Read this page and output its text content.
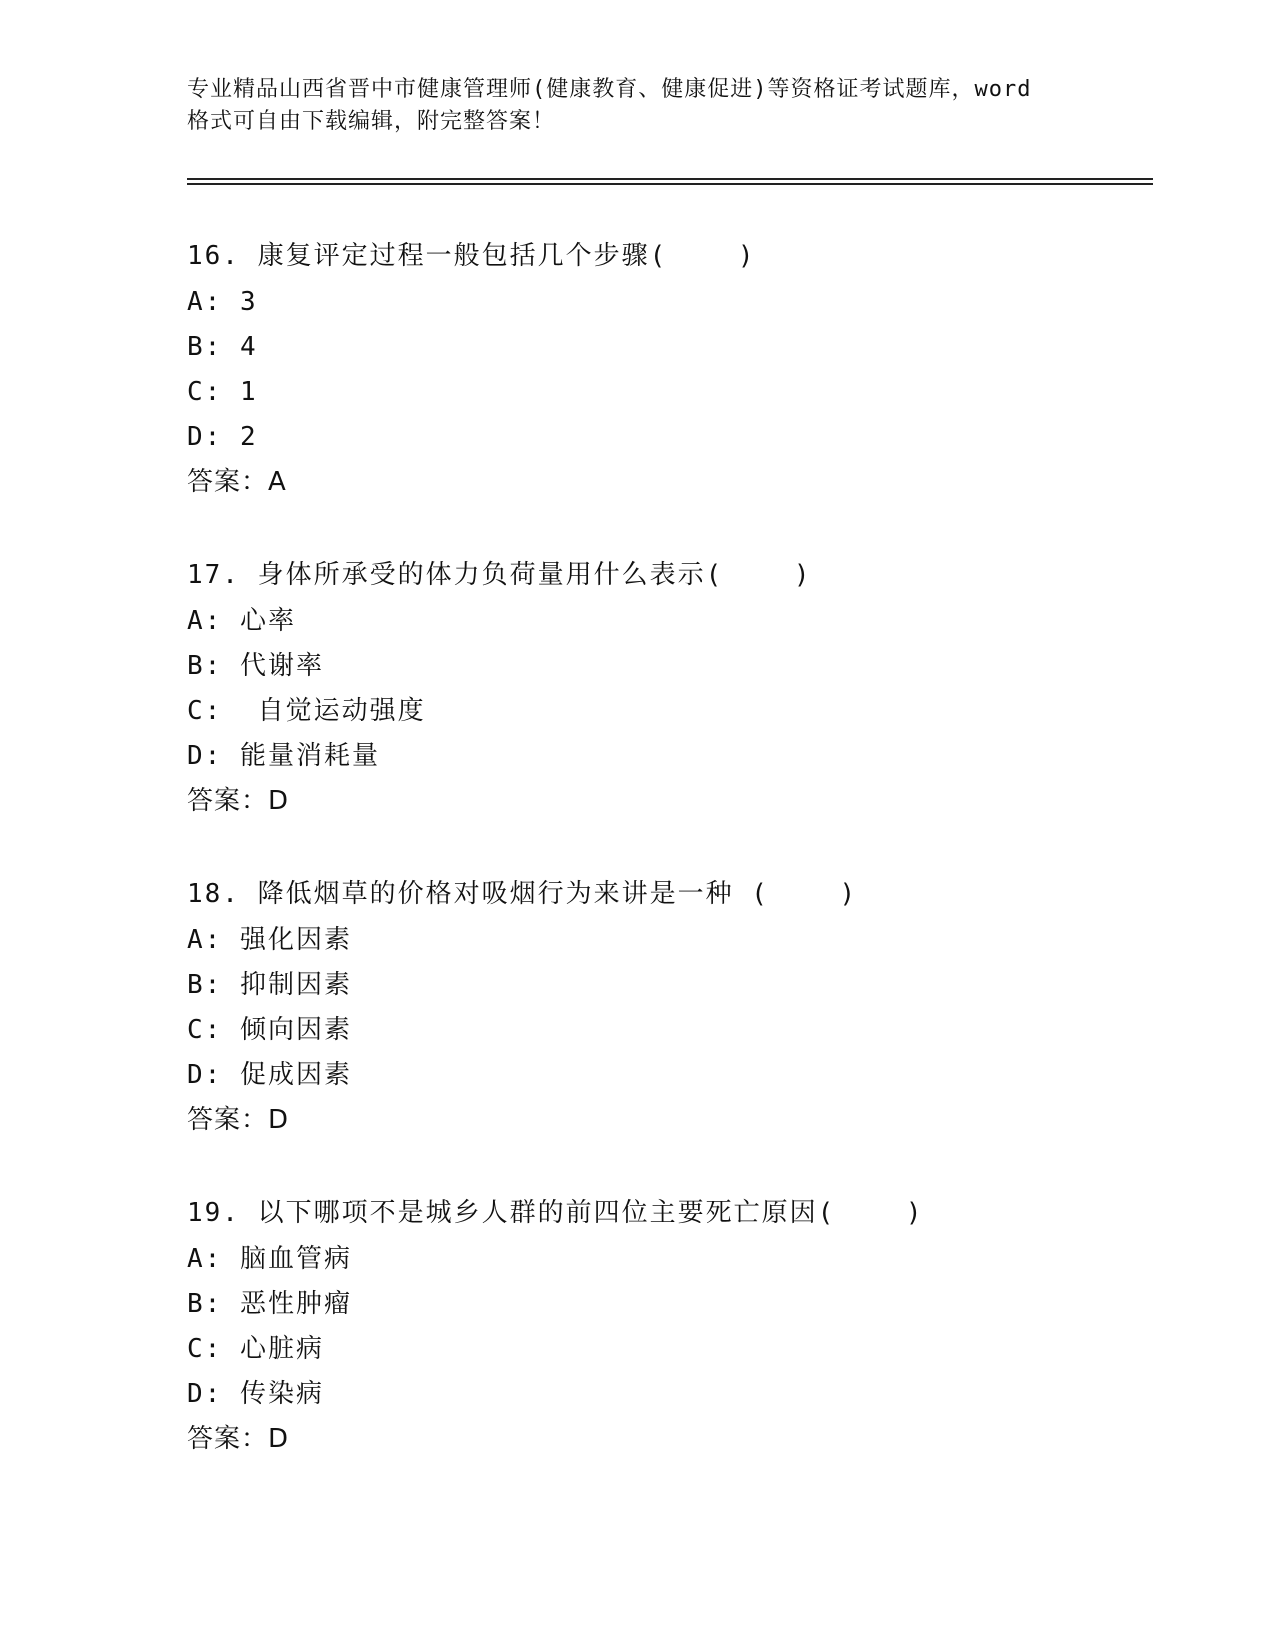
专业精品山西省晋中市健康管理师(健康教育、健康促进)等资格证考试题库，word
格式可自由下载编辑，附完整答案！
16. 康复评定过程一般包括几个步骤(    )
A: 3
B: 4
C: 1
D: 2
答案：A
17. 身体所承受的体力负荷量用什么表示(    )
A: 心率
B: 代谢率
C:  自觉运动强度
D: 能量消耗量
答案：D
18. 降低烟草的价格对吸烟行为来讲是一种 (    )
A: 强化因素
B: 抑制因素
C: 倾向因素
D: 促成因素
答案：D
19. 以下哪项不是城乡人群的前四位主要死亡原因(    )
A: 脑血管病
B: 恶性肿瘤
C: 心脏病
D: 传染病
答案：D
